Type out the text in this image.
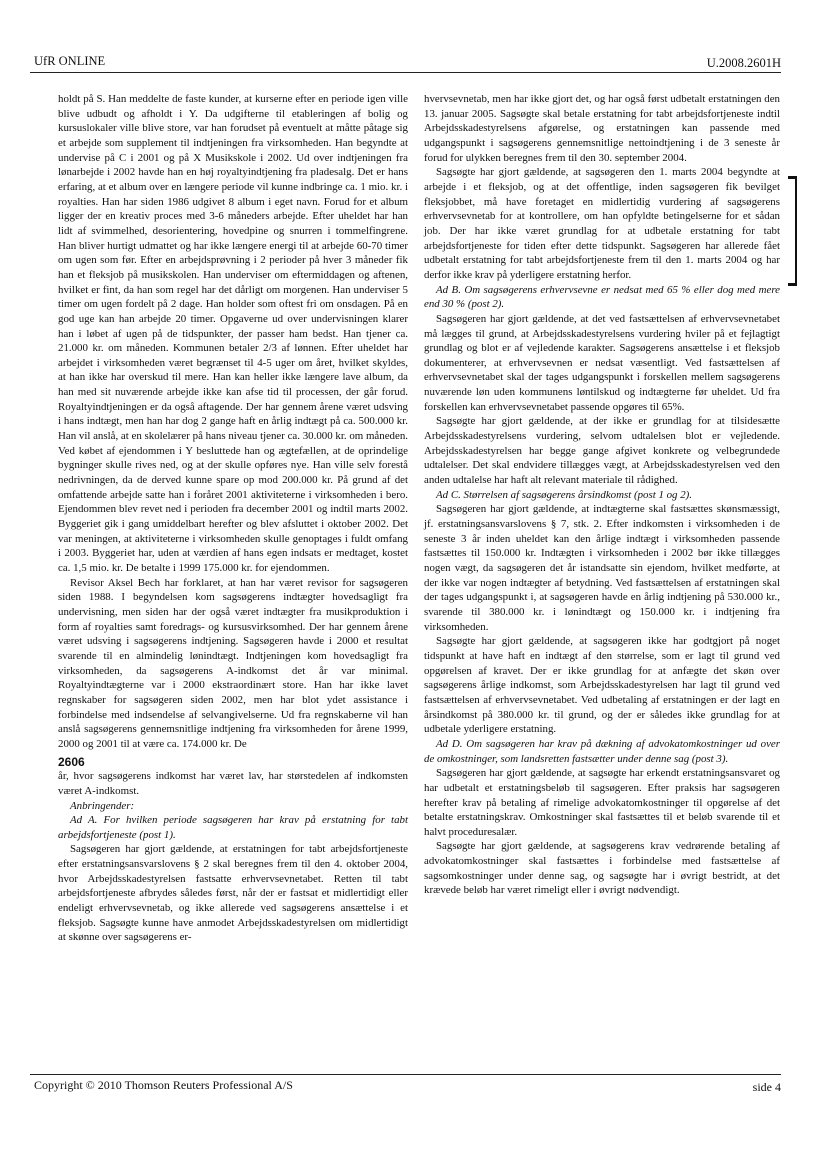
UfR ONLINE	U.2008.2601H

holdt på S. Han meddelte de faste kunder, at kurserne efter en periode igen ville blive udbudt og afholdt i Y. Da udgifterne til etableringen af bolig og kursuslokaler ville blive store, var han forudset på eventuelt at måtte påtage sig et arbejde som supplement til indtjeningen fra virksomheden. Han begyndte at undervise på C i 2001 og på X Musikskole i 2002. Ud over indtjeningen fra lønarbejde i 2002 havde han en høj royaltyindtjening fra pladesalg. Det er hans erfaring, at et album over en længere periode vil kunne indbringe ca. 1 mio. kr. i royalties. Han har siden 1986 udgivet 8 album i eget navn. Forud for et album ligger der en kreativ proces med 3-6 måneders arbejde. Efter uheldet har han lidt af svimmelhed, desorientering, hovedpine og snurren i tommelfingrene. Han bliver hurtigt udmattet og har ikke længere energi til at arbejde 60-70 timer om ugen som før. Efter en arbejdsprøvning i 2 perioder på hver 3 måneder fik han et fleksjob på musikskolen. Han underviser om eftermiddagen og aftenen, hvilket er fint, da han som regel har det dårligt om morgenen. Han underviser 5 timer om ugen fordelt på 2 dage. Han holder som oftest fri om onsdagen. På en god uge kan han arbejde 20 timer. Opgaverne ud over undervisningen klarer han i løbet af ugen på de tidspunkter, der passer ham bedst. Han tjener ca. 21.000 kr. om måneden. Kommunen betaler 2/3 af lønnen. Efter uheldet har arbejdet i virksomheden været begrænset til 4-5 uger om året, hvilket skyldes, at han ikke har overskud til mere. Han kan heller ikke længere lave album, da han med sit nuværende arbejde ikke kan afse tid til processen, der går forud. Royaltyindtjeningen er da også aftagende. Der har gennem årene været udsving i hans indtægt, men han har dog 2 gange haft en årlig indtægt på ca. 500.000 kr. Han vil anslå, at en skolelærer på hans niveau tjener ca. 30.000 kr. om måneden. Ved købet af ejendommen i Y besluttede han og ægtefællen, at de oprindelige bygninger skulle rives ned, og at der skulle opføres nye. Han ville selv forestå nedrivningen, da de derved kunne spare op mod 200.000 kr. På grund af det omfattende arbejde satte han i foråret 2001 aktiviteterne i virksomheden i bero. Ejendommen blev revet ned i perioden fra december 2001 og indtil marts 2002. Byggeriet gik i gang umiddelbart herefter og blev afsluttet i oktober 2002. Det var meningen, at aktiviteterne i virksomheden skulle genoptages i fuldt omfang i 2003. Byggeriet har, uden at værdien af hans egen indsats er medtaget, kostet ca. 1,5 mio. kr. De betalte i 1999 175.000 kr. for ejendommen.

Revisor Aksel Bech har forklaret, at han har været revisor for sagsøgeren siden 1988. I begyndelsen kom sagsøgerens indtægter hovedsagligt fra undervisning, men siden har der også været indtægter fra musikproduktion i form af royalties samt foredrags- og kursusvirksomhed. Der har gennem årene været udsving i sagsøgerens indtjening. Sagsøgeren havde i 2000 et resultat svarende til en almindelig lønindtægt. Indtjeningen kom hovedsagligt fra virksomheden, da sagsøgerens A-indkomst det år var minimal. Royaltyindtægterne var i 2000 ekstraordinært store. Han har ikke lavet regnskaber for sagsøgeren siden 2002, men har blot ydet assistance i forbindelse med indsendelse af selvangivelserne. Ud fra regnskaberne vil han anslå sagsøgerens gennemsnitlige indtjening fra virksomheden for årene 1999, 2000 og 2001 til at være ca. 174.000 kr. De

2606

år, hvor sagsøgerens indkomst har været lav, har størstedelen af indkomsten været A-indkomst.

Anbringender:

Ad A. For hvilken periode sagsøgeren har krav på erstatning for tabt arbejdsfortjeneste (post 1).

Sagsøgeren har gjort gældende, at erstatningen for tabt arbejdsfortjeneste efter erstatningsansvarslovens § 2 skal beregnes frem til den 4. oktober 2004, hvor Arbejdsskadestyrelsen fastsatte erhvervsevnetabet. Retten til tabt arbejdsfortjeneste afbrydes således først, når der er fastsat et midlertidigt eller endeligt erhvervsevnetab, og ikke allerede ved sagsøgerens ansættelse i et fleksjob. Sagsøgte kunne have anmodet Arbejdsskadestyrelsen om midlertidigt at skønne over sagsøgerens er-

hvervsevnetab, men har ikke gjort det, og har også først udbetalt erstatningen den 13. januar 2005. Sagsøgte skal betale erstatning for tabt arbejdsfortjeneste indtil Arbejdsskadestyrelsens afgørelse, og erstatningen kan passende med udgangspunkt i sagsøgerens gennemsnitlige nettoindtjening i de 3 seneste år forud for ulykken beregnes frem til den 30. september 2004.

Sagsøgte har gjort gældende, at sagsøgeren den 1. marts 2004 begyndte at arbejde i et fleksjob, og at det offentlige, inden sagsøgeren fik bevilget fleksjobbet, må have foretaget en midlertidig vurdering af sagsøgerens erhvervsevnetab for at kontrollere, om han opfyldte betingelserne for et sådan job. Der har ikke været grundlag for at udbetale erstatning for tabt arbejdsfortjeneste for tiden efter dette tidspunkt. Sagsøgeren har allerede fået udbetalt erstatning for tabt arbejdsfortjeneste frem til den 1. marts 2004 og har derfor ikke krav på yderligere erstatning herfor.

Ad B. Om sagsøgerens erhvervsevne er nedsat med 65 % eller dog med mere end 30 % (post 2).

Sagsøgeren har gjort gældende, at det ved fastsættelsen af erhvervsevnetabet må lægges til grund, at Arbejdsskadestyrelsens vurdering hviler på et fejlagtigt grundlag og blot er af vejledende karakter. Sagsøgerens ansættelse i et fleksjob dokumenterer, at erhvervsevnen er nedsat væsentligt. Ved fastsættelsen af erhvervsevnetabet skal der tages udgangspunkt i forskellen mellem sagsøgerens nuværende løn uden kommunens løntilskud og indtægterne før uheldet. Ud fra forskellen kan erhvervsevnetabet passende opgøres til 65%.

Sagsøgte har gjort gældende, at der ikke er grundlag for at tilsidesætte Arbejdsskadestyrelsens vurdering, selvom udtalelsen blot er vejledende. Arbejdsskadestyrelsen har begge gange afgivet konkrete og velbegrundede udtalelser. Det skal endvidere tillægges vægt, at Arbejdsskadestyrelsen ved den anden udtalelse har haft alt relevant materiale til rådighed.

Ad C. Størrelsen af sagsøgerens årsindkomst (post 1 og 2).

Sagsøgeren har gjort gældende, at indtægterne skal fastsættes skønsmæssigt, jf. erstatningsansvarslovens § 7, stk. 2. Efter indkomsten i virksomheden i de seneste 3 år inden uheldet kan den årlige indtægt i virksomheden passende fastsættes til 150.000 kr. Indtægten i virksomheden i 2002 bør ikke tillægges nogen vægt, da sagsøgeren det år istandsatte sin ejendom, hvilket medførte, at der ikke var nogen indtægter af betydning. Ved fastsættelsen af erstatningen skal der tages udgangspunkt i, at sagsøgeren havde en årlig indtjening på 530.000 kr., svarende til 380.000 kr. i lønindtægt og 150.000 kr. i indtjening fra virksomheden.

Sagsøgte har gjort gældende, at sagsøgeren ikke har godtgjort på noget tidspunkt at have haft en indtægt af den størrelse, som er lagt til grund ved opgørelsen af kravet. Der er ikke grundlag for at anfægte det skøn over sagsøgerens årlige indkomst, som Arbejdsskadestyrelsen har lagt til grund ved fastsættelsen af erhvervsevnetabet. Ved udbetaling af erstatningen er der lagt en årsindkomst på 380.000 kr. til grund, og der er således ikke grundlag for at udbetale yderligere erstatning.

Ad D. Om sagsøgeren har krav på dækning af advokatomkostninger ud over de omkostninger, som landsretten fastsætter under denne sag (post 3).

Sagsøgeren har gjort gældende, at sagsøgte har erkendt erstatningsansvaret og har udbetalt et erstatningsbeløb til sagsøgeren. Efter praksis har sagsøgeren herefter krav på betaling af rimelige advokatomkostninger til opgørelse af det betalte erstatningskrav. Omkostninger skal fastsættes til et beløb svarende til et halvt proceduresalær.

Sagsøgte har gjort gældende, at sagsøgerens krav vedrørende betaling af advokatomkostninger skal fastsættes i forbindelse med fastsættelse af sagsomkostninger under denne sag, og sagsøgte har i øvrigt bestridt, at det krævede beløb har været rimeligt eller i øvrigt nødvendigt.

Copyright © 2010 Thomson Reuters Professional A/S	side 4
